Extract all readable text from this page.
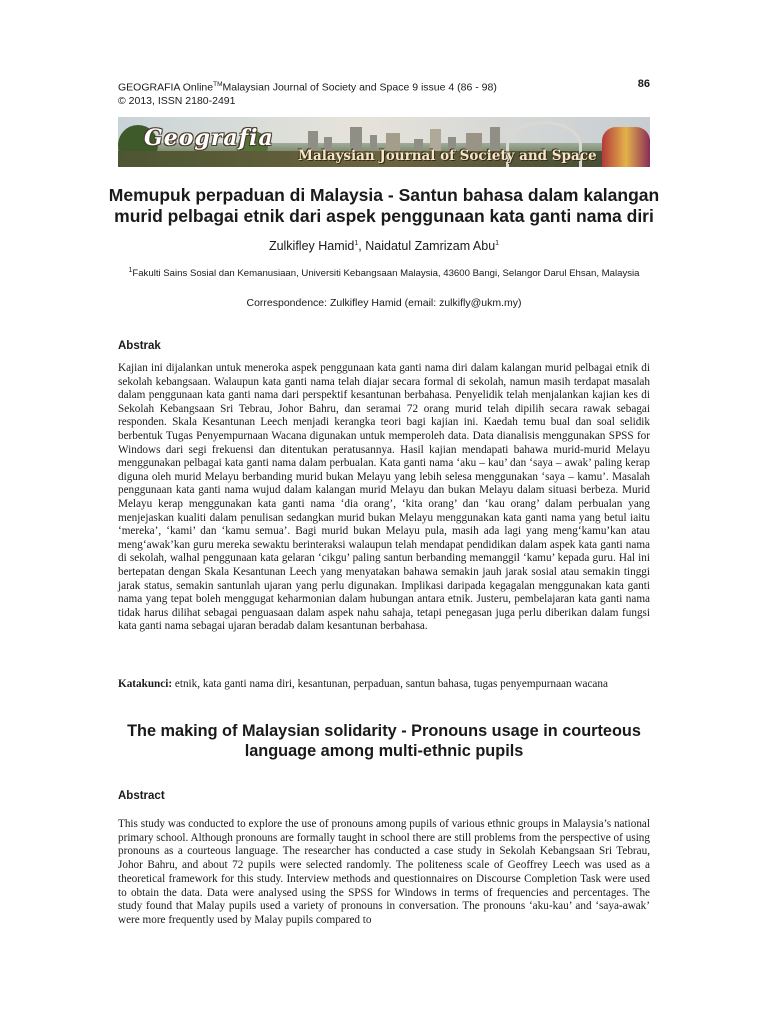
GEOGRAFIA Online™Malaysian Journal of Society and Space 9 issue 4 (86 - 98)
© 2013, ISSN 2180-2491
86
Geografia
Malaysian Journal of Society and Space
Memupuk perpaduan di Malaysia - Santun bahasa dalam kalangan murid pelbagai etnik dari aspek penggunaan kata ganti nama diri
Zulkifley Hamid$^1$, Naidatul Zamrizam Abu$^1$
$^1$Fakulti Sains Sosial dan Kemanusiaan, Universiti Kebangsaan Malaysia, 43600 Bangi, Selangor Darul Ehsan, Malaysia
Correspondence: Zulkifley Hamid (email: zulkifly@ukm.my)
Abstrak

Kajian ini dijalankan untuk meneroka aspek penggunaan kata ganti nama diri dalam kalangan murid pelbagai etnik di sekolah kebangsaan. Walaupun kata ganti nama telah diajar secara formal di sekolah, namun masih terdapat masalah dalam penggunaan kata ganti nama dari perspektif kesantunan berbahasa. Penyelidik telah menjalankan kajian kes di Sekolah Kebangsaan Sri Tebrau, Johor Bahru, dan seramai 72 orang murid telah dipilih secara rawak sebagai responden. Skala Kesantunan Leech menjadi kerangka teori bagi kajian ini. Kaedah temu bual dan soal selidik berbentuk Tugas Penyempurnaan Wacana digunakan untuk memperoleh data. Data dianalisis menggunakan SPSS for Windows dari segi frekuensi dan ditentukan peratusannya. Hasil kajian mendapati bahawa murid-murid Melayu menggunakan pelbagai kata ganti nama dalam perbualan. Kata ganti nama ‘aku – kau’ dan ‘saya – awak’ paling kerap diguna oleh murid Melayu berbanding murid bukan Melayu yang lebih selesa menggunakan ‘saya – kamu’. Masalah penggunaan kata ganti nama wujud dalam kalangan murid Melayu dan bukan Melayu dalam situasi berbeza. Murid Melayu kerap menggunakan kata ganti nama ‘dia orang’, ‘kita orang’ dan ‘kau orang’ dalam perbualan yang menjejaskan kualiti dalam penulisan sedangkan murid bukan Melayu menggunakan kata ganti nama yang betul iaitu ‘mereka’, ‘kami’ dan ‘kamu semua’. Bagi murid bukan Melayu pula, masih ada lagi yang meng‘kamu’kan atau meng‘awak’kan guru mereka sewaktu berinteraksi walaupun telah mendapat pendidikan dalam aspek kata ganti nama di sekolah, walhal penggunaan kata gelaran ‘cikgu’ paling santun berbanding memanggil ‘kamu’ kepada guru. Hal ini bertepatan dengan Skala Kesantunan Leech yang menyatakan bahawa semakin jauh jarak sosial atau semakin tinggi jarak status, semakin santunlah ujaran yang perlu digunakan. Implikasi daripada kegagalan menggunakan kata ganti nama yang tepat boleh menggugat keharmonian dalam hubungan antara etnik. Justeru, pembelajaran kata ganti nama tidak harus dilihat sebagai penguasaan dalam aspek nahu sahaja, tetapi penegasan juga perlu diberikan dalam fungsi kata ganti nama sebagai ujaran beradab dalam kesantunan berbahasa.

Katakunci: etnik, kata ganti nama diri, kesantunan, perpaduan, santun bahasa, tugas penyempurnaan wacana
The making of Malaysian solidarity - Pronouns usage in courteous language among multi-ethnic pupils
Abstract

This study was conducted to explore the use of pronouns among pupils of various ethnic groups in Malaysia’s national primary school. Although pronouns are formally taught in school there are still problems from the perspective of using pronouns as a courteous language. The researcher has conducted a case study in Sekolah Kebangsaan Sri Tebrau, Johor Bahru, and about 72 pupils were selected randomly. The politeness scale of Geoffrey Leech was used as a theoretical framework for this study. Interview methods and questionnaires on Discourse Completion Task were used to obtain the data. Data were analysed using the SPSS for Windows in terms of frequencies and percentages. The study found that Malay pupils used a variety of pronouns in conversation. The pronouns ‘aku-kau’ and ‘saya-awak’ were more frequently used by Malay pupils compared to
